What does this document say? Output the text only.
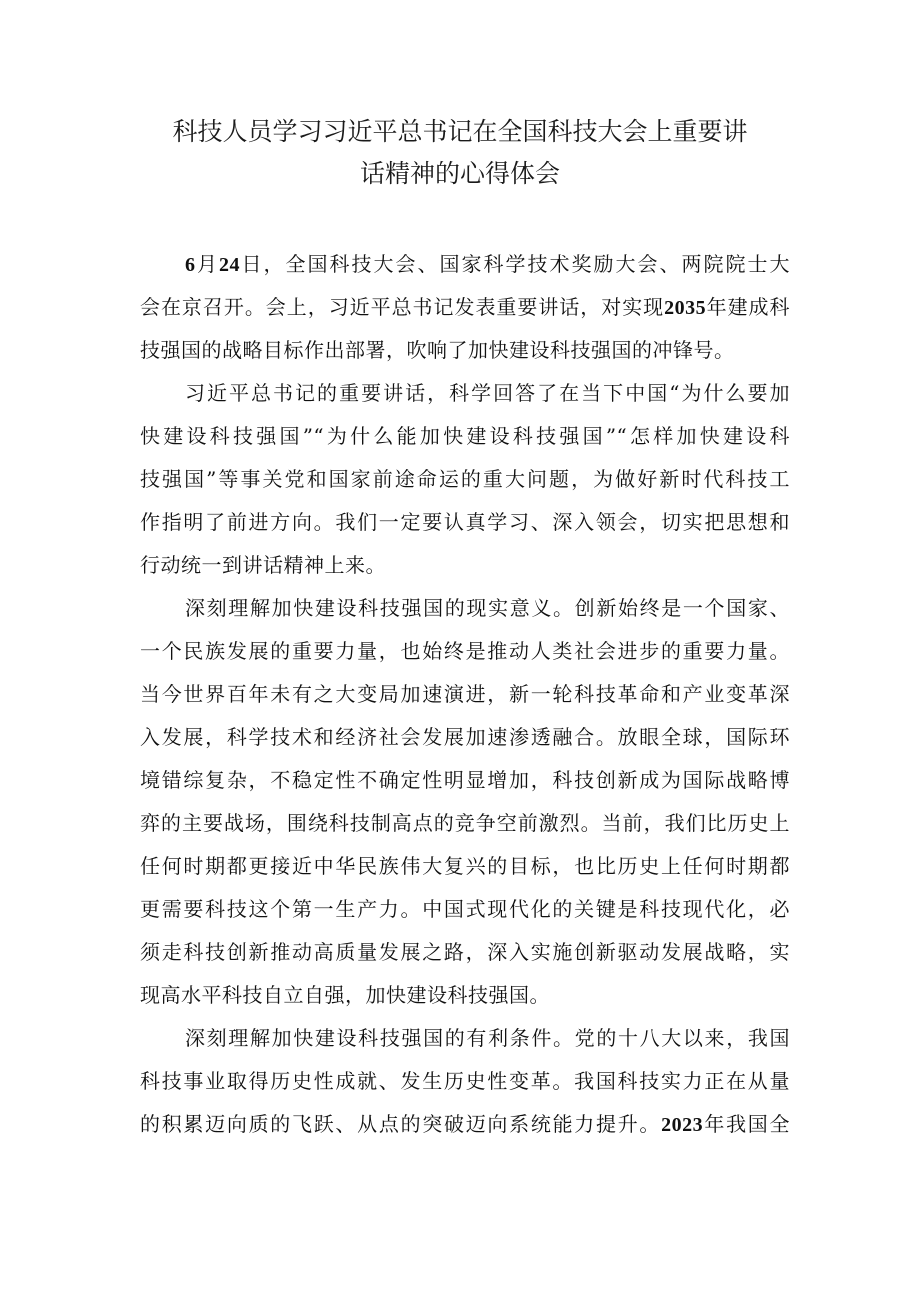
科技人员学习习近平总书记在全国科技大会上重要讲
话精神的心得体会
6月24日，全国科技大会、国家科学技术奖励大会、两院院士大
会在京召开。会上，习近平总书记发表重要讲话，对实现2035年建成科
技强国的战略目标作出部署，吹响了加快建设科技强国的冲锋号。
习近平总书记的重要讲话，科学回答了在当下中国“为什么要加
快建设科技强国”“为什么能加快建设科技强国”“怎样加快建设科
技强国”等事关党和国家前途命运的重大问题，为做好新时代科技工
作指明了前进方向。我们一定要认真学习、深入领会，切实把思想和
行动统一到讲话精神上来。
深刻理解加快建设科技强国的现实意义。创新始终是一个国家、
一个民族发展的重要力量，也始终是推动人类社会进步的重要力量。
当今世界百年未有之大变局加速演进，新一轮科技革命和产业变革深
入发展，科学技术和经济社会发展加速渗透融合。放眼全球，国际环
境错综复杂，不稳定性不确定性明显增加，科技创新成为国际战略博
弈的主要战场，围绕科技制高点的竞争空前激烈。当前，我们比历史上
任何时期都更接近中华民族伟大复兴的目标，也比历史上任何时期都
更需要科技这个第一生产力。中国式现代化的关键是科技现代化，必
须走科技创新推动高质量发展之路，深入实施创新驱动发展战略，实
现高水平科技自立自强，加快建设科技强国。
深刻理解加快建设科技强国的有利条件。党的十八大以来，我国
科技事业取得历史性成就、发生历史性变革。我国科技实力正在从量
的积累迈向质的飞跃、从点的突破迈向系统能力提升。2023年我国全
